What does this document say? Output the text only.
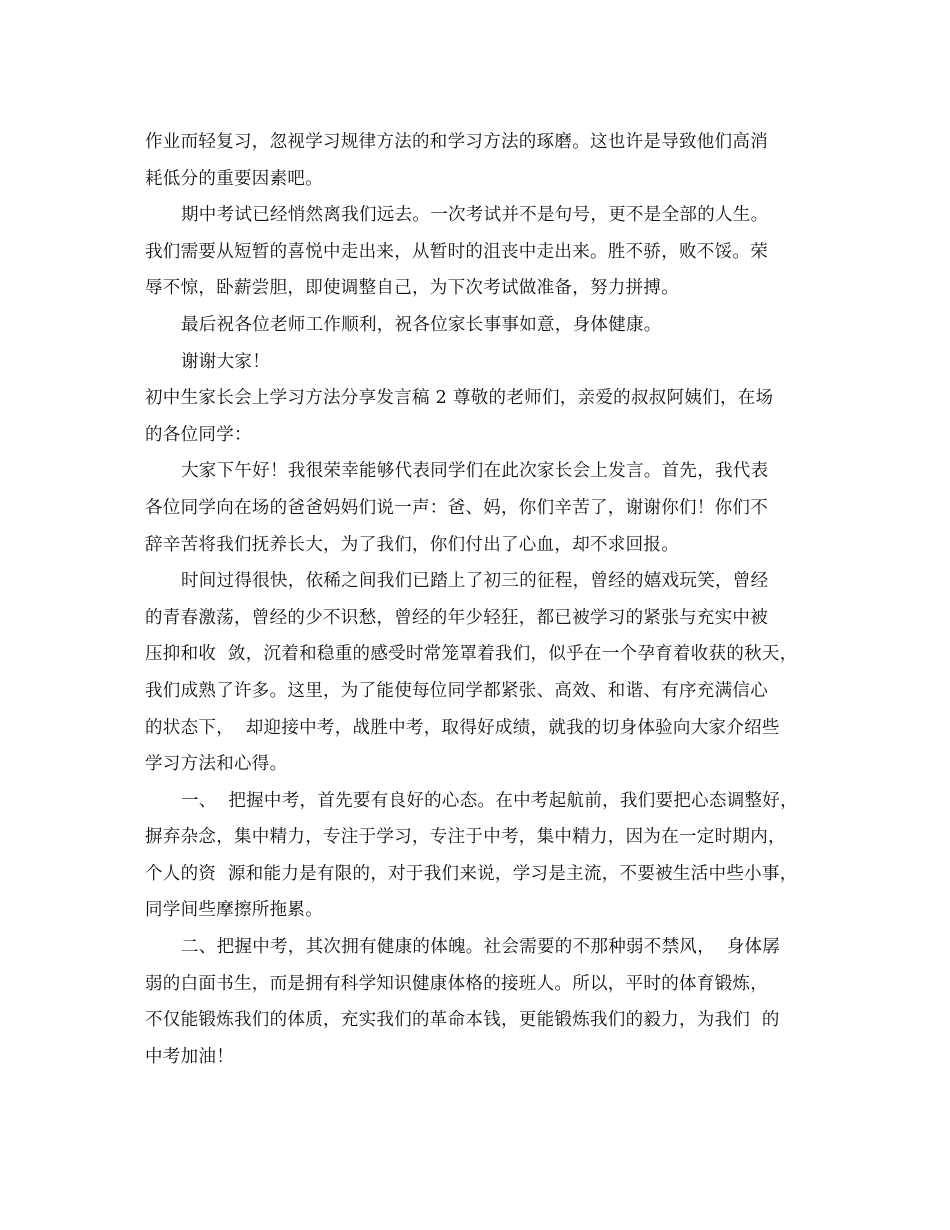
作业而轻复习，忽视学习规律方法的和学习方法的琢磨。这也许是导致他们高消
耗低分的重要因素吧。
期中考试已经悄然离我们远去。一次考试并不是句号，更不是全部的人生。
我们需要从短暂的喜悦中走出来，从暂时的沮丧中走出来。胜不骄，败不馁。荣
辱不惊，卧薪尝胆，即使调整自己，为下次考试做准备，努力拼搏。
最后祝各位老师工作顺利，祝各位家长事事如意，身体健康。
谢谢大家！
初中生家长会上学习方法分享发言稿 2 尊敬的老师们，亲爱的叔叔阿姨们，在场
的各位同学：
大家下午好！我很荣幸能够代表同学们在此次家长会上发言。首先，我代表
各位同学向在场的爸爸妈妈们说一声：爸、妈，你们辛苦了，谢谢你们！你们不
辞辛苦将我们抚养长大，为了我们，你们付出了心血，却不求回报。
时间过得很快，依稀之间我们已踏上了初三的征程，曾经的嬉戏玩笑，曾经
的青春激荡，曾经的少不识愁，曾经的年少轻狂，都已被学习的紧张与充实中被
压抑和收  敛，沉着和稳重的感受时常笼罩着我们，似乎在一个孕育着收获的秋天，
我们成熟了许多。这里，为了能使每位同学都紧张、高效、和谐、有序充满信心
的状态下，  却迎接中考，战胜中考，取得好成绩，就我的切身体验向大家介绍些
学习方法和心得。
一、  把握中考，首先要有良好的心态。在中考起航前，我们要把心态调整好，
摒弃杂念，集中精力，专注于学习，专注于中考，集中精力，因为在一定时期内，
个人的资  源和能力是有限的，对于我们来说，学习是主流，不要被生活中些小事，
同学间些摩擦所拖累。
二、把握中考，其次拥有健康的体魄。社会需要的不那种弱不禁风，  身体孱
弱的白面书生，而是拥有科学知识健康体格的接班人。所以，平时的体育锻炼，
不仅能锻炼我们的体质，充实我们的革命本钱，更能锻炼我们的毅力，为我们  的
中考加油！
